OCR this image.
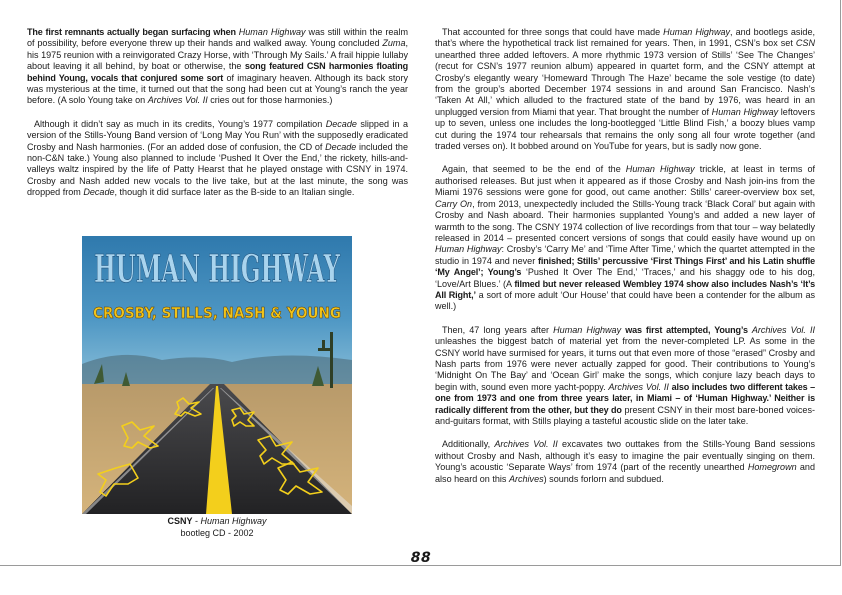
The first remnants actually began surfacing when Human Highway was still within the realm of possibility, before everyone threw up their hands and walked away. Young concluded Zuma, his 1975 reunion with a reinvigorated Crazy Horse, with ‘Through My Sails.’ A frail hippie lullaby about leaving it all behind, by boat or otherwise, the song featured CSN harmonies floating behind Young, vocals that conjured some sort of imaginary heaven. Although its back story was mysterious at the time, it turned out that the song had been cut at Young’s ranch the year before. (A solo Young take on Archives Vol. II cries out for those harmonies.)

Although it didn’t say as much in its credits, Young’s 1977 compilation Decade slipped in a version of the Stills-Young Band version of ‘Long May You Run’ with the supposedly eradicated Crosby and Nash harmonies. (For an added dose of confusion, the CD of Decade included the non-C&N take.) Young also planned to include ‘Pushed It Over the End,’ the rickety, hills-and-valleys waltz inspired by the life of Patty Hearst that he played onstage with CSNY in 1974. Crosby and Nash added new vocals to the live take, but at the last minute, the song was dropped from Decade, though it did surface later as the B-side to an Italian single.

HUMAN HIGHWAY
CROSBY, STILLS, NASH & YOUNG
CSNY - Human Highway
bootleg CD - 2002

That accounted for three songs that could have made Human Highway, and bootlegs aside, that’s where the hypothetical track list remained for years. Then, in 1991, CSN’s box set CSN unearthed three added leftovers. A more rhythmic 1973 version of Stills’ ‘See The Changes’ (recut for CSN’s 1977 reunion album) appeared in quartet form, and the CSNY attempt at Crosby’s elegantly weary ‘Homeward Through The Haze’ became the sole vestige (to date) from the group’s aborted December 1974 sessions in and around San Francisco. Nash’s ‘Taken At All,’ which alluded to the fractured state of the band by 1976, was heard in an unplugged version from Miami that year. That brought the number of Human Highway leftovers up to seven, unless one includes the long-bootlegged ‘Little Blind Fish,’ a boozy blues vamp cut during the 1974 tour rehearsals that remains the only song all four wrote together (and traded verses on). It bobbed around on YouTube for years, but is sadly now gone.

Again, that seemed to be the end of the Human Highway trickle, at least in terms of authorised releases. But just when it appeared as if those Crosby and Nash join-ins from the Miami 1976 sessions were gone for good, out came another: Stills’ career-overview box set, Carry On, from 2013, unexpectedly included the Stills-Young track ‘Black Coral’ but again with Crosby and Nash aboard. Their harmonies supplanted Young’s and added a new layer of warmth to the song. The CSNY 1974 collection of live recordings from that tour – way belatedly released in 2014 – presented concert versions of songs that could easily have wound up on Human Highway: Crosby’s ‘Carry Me’ and ‘Time After Time,’ which the quartet attempted in the studio in 1974 and never finished; Stills’ percussive ‘First Things First’ and his Latin shuffle ‘My Angel’; Young’s ‘Pushed It Over The End,’ ‘Traces,’ and his shaggy ode to his dog, ‘Love/Art Blues.’ (A filmed but never released Wembley 1974 show also includes Nash’s ‘It’s All Right,’ a sort of more adult ‘Our House’ that could have been a contender for the album as well.)

Then, 47 long years after Human Highway was first attempted, Young’s Archives Vol. II unleashes the biggest batch of material yet from the never-completed LP. As some in the CSNY world have surmised for years, it turns out that even more of those “erased” Crosby and Nash parts from 1976 were never actually zapped for good. Their contributions to Young’s ‘Midnight On The Bay’ and ‘Ocean Girl’ make the songs, which conjure lazy beach days to begin with, sound even more yacht-poppy. Archives Vol. II also includes two different takes – one from 1973 and one from three years later, in Miami – of ‘Human Highway.’ Neither is radically different from the other, but they do present CSNY in their most bare-boned voices-and-guitars format, with Stills playing a tasteful acoustic slide on the later take.

Additionally, Archives Vol. II excavates two outtakes from the Stills-Young Band sessions without Crosby and Nash, although it’s easy to imagine the pair eventually singing on them. Young’s acoustic ‘Separate Ways’ from 1974 (part of the recently unearthed Homegrown and also heard on this Archives) sounds forlorn and subdued.

88
